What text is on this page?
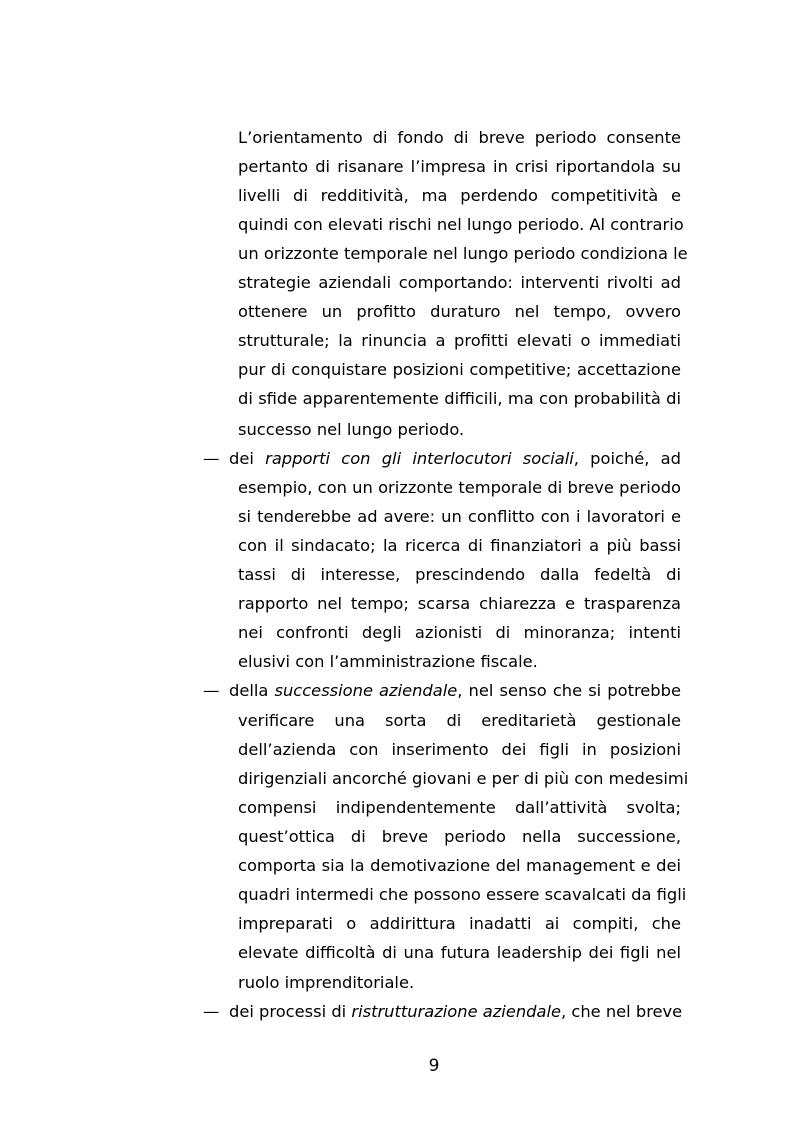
L’orientamento di fondo di breve periodo consente
pertanto di risanare l’impresa in crisi riportandola su
livelli di redditività, ma perdendo competitività e
quindi con elevati rischi nel lungo periodo. Al contrario
un orizzonte temporale nel lungo periodo condiziona le
strategie aziendali comportando: interventi rivolti ad
ottenere un profitto duraturo nel tempo, ovvero
strutturale; la rinuncia a profitti elevati o immediati
pur di conquistare posizioni competitive; accettazione
di sfide apparentemente difficili, ma con probabilità di
successo nel lungo periodo.
— dei rapporti con gli interlocutori sociali, poiché, ad
esempio, con un orizzonte temporale di breve periodo
si tenderebbe ad avere: un conflitto con i lavoratori e
con il sindacato; la ricerca di finanziatori a più bassi
tassi di interesse, prescindendo dalla fedeltà di
rapporto nel tempo; scarsa chiarezza e trasparenza
nei confronti degli azionisti di minoranza; intenti
elusivi con l’amministrazione fiscale.
— della successione aziendale, nel senso che si potrebbe
verificare una sorta di ereditarietà gestionale
dell’azienda con inserimento dei figli in posizioni
dirigenziali ancorché giovani e per di più con medesimi
compensi indipendentemente dall’attività svolta;
quest’ottica di breve periodo nella successione,
comporta sia la demotivazione del management e dei
quadri intermedi che possono essere scavalcati da figli
impreparati o addirittura inadatti ai compiti, che
elevate difficoltà di una futura leadership dei figli nel
ruolo imprenditoriale.
— dei processi di ristrutturazione aziendale, che nel breve
9
